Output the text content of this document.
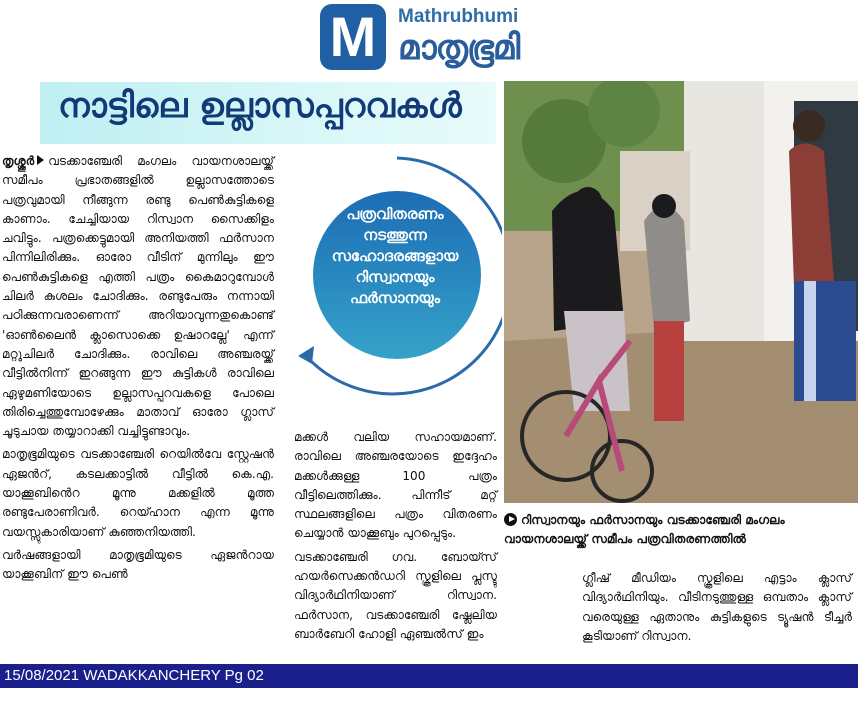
M Mathrubhumi
മാതൃഭൂമി
നാട്ടിലെ ഉല്ലാസപ്പറവകൾ
പത്രവിതരണം
നടത്തുന്ന
സഹോദരങ്ങളായ
റിസ്വാനയും
ഫർസാനയും
റിസ്വാനയും ഫർസാനയും വടക്കാഞ്ചേരി മംഗലം വായനശാലയ്ക്ക് സമീപം പത്രവിതരണത്തിൽ

തൃശ്ശൂർ വടക്കാഞ്ചേരി മംഗലം വായനശാലയ്ക്ക് സമീപം പ്രഭാതങ്ങളിൽ ഉല്ലാസത്തോടെ പത്രവുമായി നീങ്ങുന്ന രണ്ടു പെൺകുട്ടികളെ കാണാം. ചേച്ചിയായ റിസ്വാന സൈക്കിളം ചവിട്ടും. പത്രക്കെട്ടുമായി അനിയത്തി ഫർസാന പിന്നിലിരിക്കും. ഓരോ വീടിന് മുന്നിലും ഈ പെൺകുട്ടികളെ എത്തി പത്രം കൈമാറുമ്പോൾ ചിലർ കുശലം ചോദിക്കും. രണ്ടുപേരും നന്നായി പഠിക്കുന്നവരാണെന്ന് അറിയാവുന്നതുകൊണ്ട് 'ഓൺലൈൻ ക്ലാസൊക്കെ ഉഷാറല്ലേ' എന്ന് മറ്റുചിലർ ചോദിക്കും. രാവിലെ അഞ്ചരയ്ക്ക് വീട്ടിൽനിന്ന് ഇറങ്ങുന്ന ഈ കുട്ടികൾ രാവിലെ ഏഴുമണിയോടെ ഉല്ലാസപ്പറവകളെ പോലെ തിരിച്ചെത്തുമ്പോഴേക്കും മാതാവ് ഓരോ ഗ്ലാസ് ചൂടുചായ തയ്യാറാക്കി വച്ചിട്ടുണ്ടാവും.

മാതൃഭൂമിയുടെ വടക്കാഞ്ചേരി റെയിൽവേ സ്റ്റേഷൻ ഏജൻറ്, കടലക്കാട്ടിൽ വീട്ടിൽ കെ.എ. യാക്കൂബിൻെറ മൂന്നു മക്കളിൽ മൂത്ത രണ്ടുപേരാണിവർ. റെയ്ഹാന എന്ന മൂന്നു വയസ്സുകാരിയാണ് കുഞ്ഞനിയത്തി.

വർഷങ്ങളായി മാതൃഭൂമിയുടെ ഏജൻറായ യാക്കൂബിന് ഈ പെൺ

മക്കൾ വലിയ സഹായമാണ്. രാവിലെ അഞ്ചരയോടെ ഇദ്ദേഹം മക്കൾക്കുള്ള 100 പത്രം വീട്ടിലെത്തിക്കും. പിന്നീട് മറ്റ് സ്ഥലങ്ങളിലെ പത്രം വിതരണം ചെയ്യാൻ യാക്കൂബും പുറപ്പെടും.

വടക്കാഞ്ചേരി ഗവ. ബോയ്സ് ഹയർസെക്കൻഡറി സ്കൂളിലെ പ്ലസ്ടു വിദ്യാർഥിനിയാണ് റിസ്വാന. ഫർസാന, വടക്കാഞ്ചേരി ഷ്ലേലിയ ബാർബേറി ഹോളി ഏഞ്ചൽസ് ഇം

ഗ്ലീഷ് മീഡിയം സ്കൂളിലെ എട്ടാം ക്ലാസ് വിദ്യാർഥിനിയും. വീടിനടുത്തുള്ള ഒമ്പതാം ക്ലാസ് വരെയുള്ള ഏതാനും കുട്ടികളുടെ ട്യൂഷൻ ടീച്ചർ കൂടിയാണ് റിസ്വാന.

15/08/2021 WADAKKANCHERY Pg 02
